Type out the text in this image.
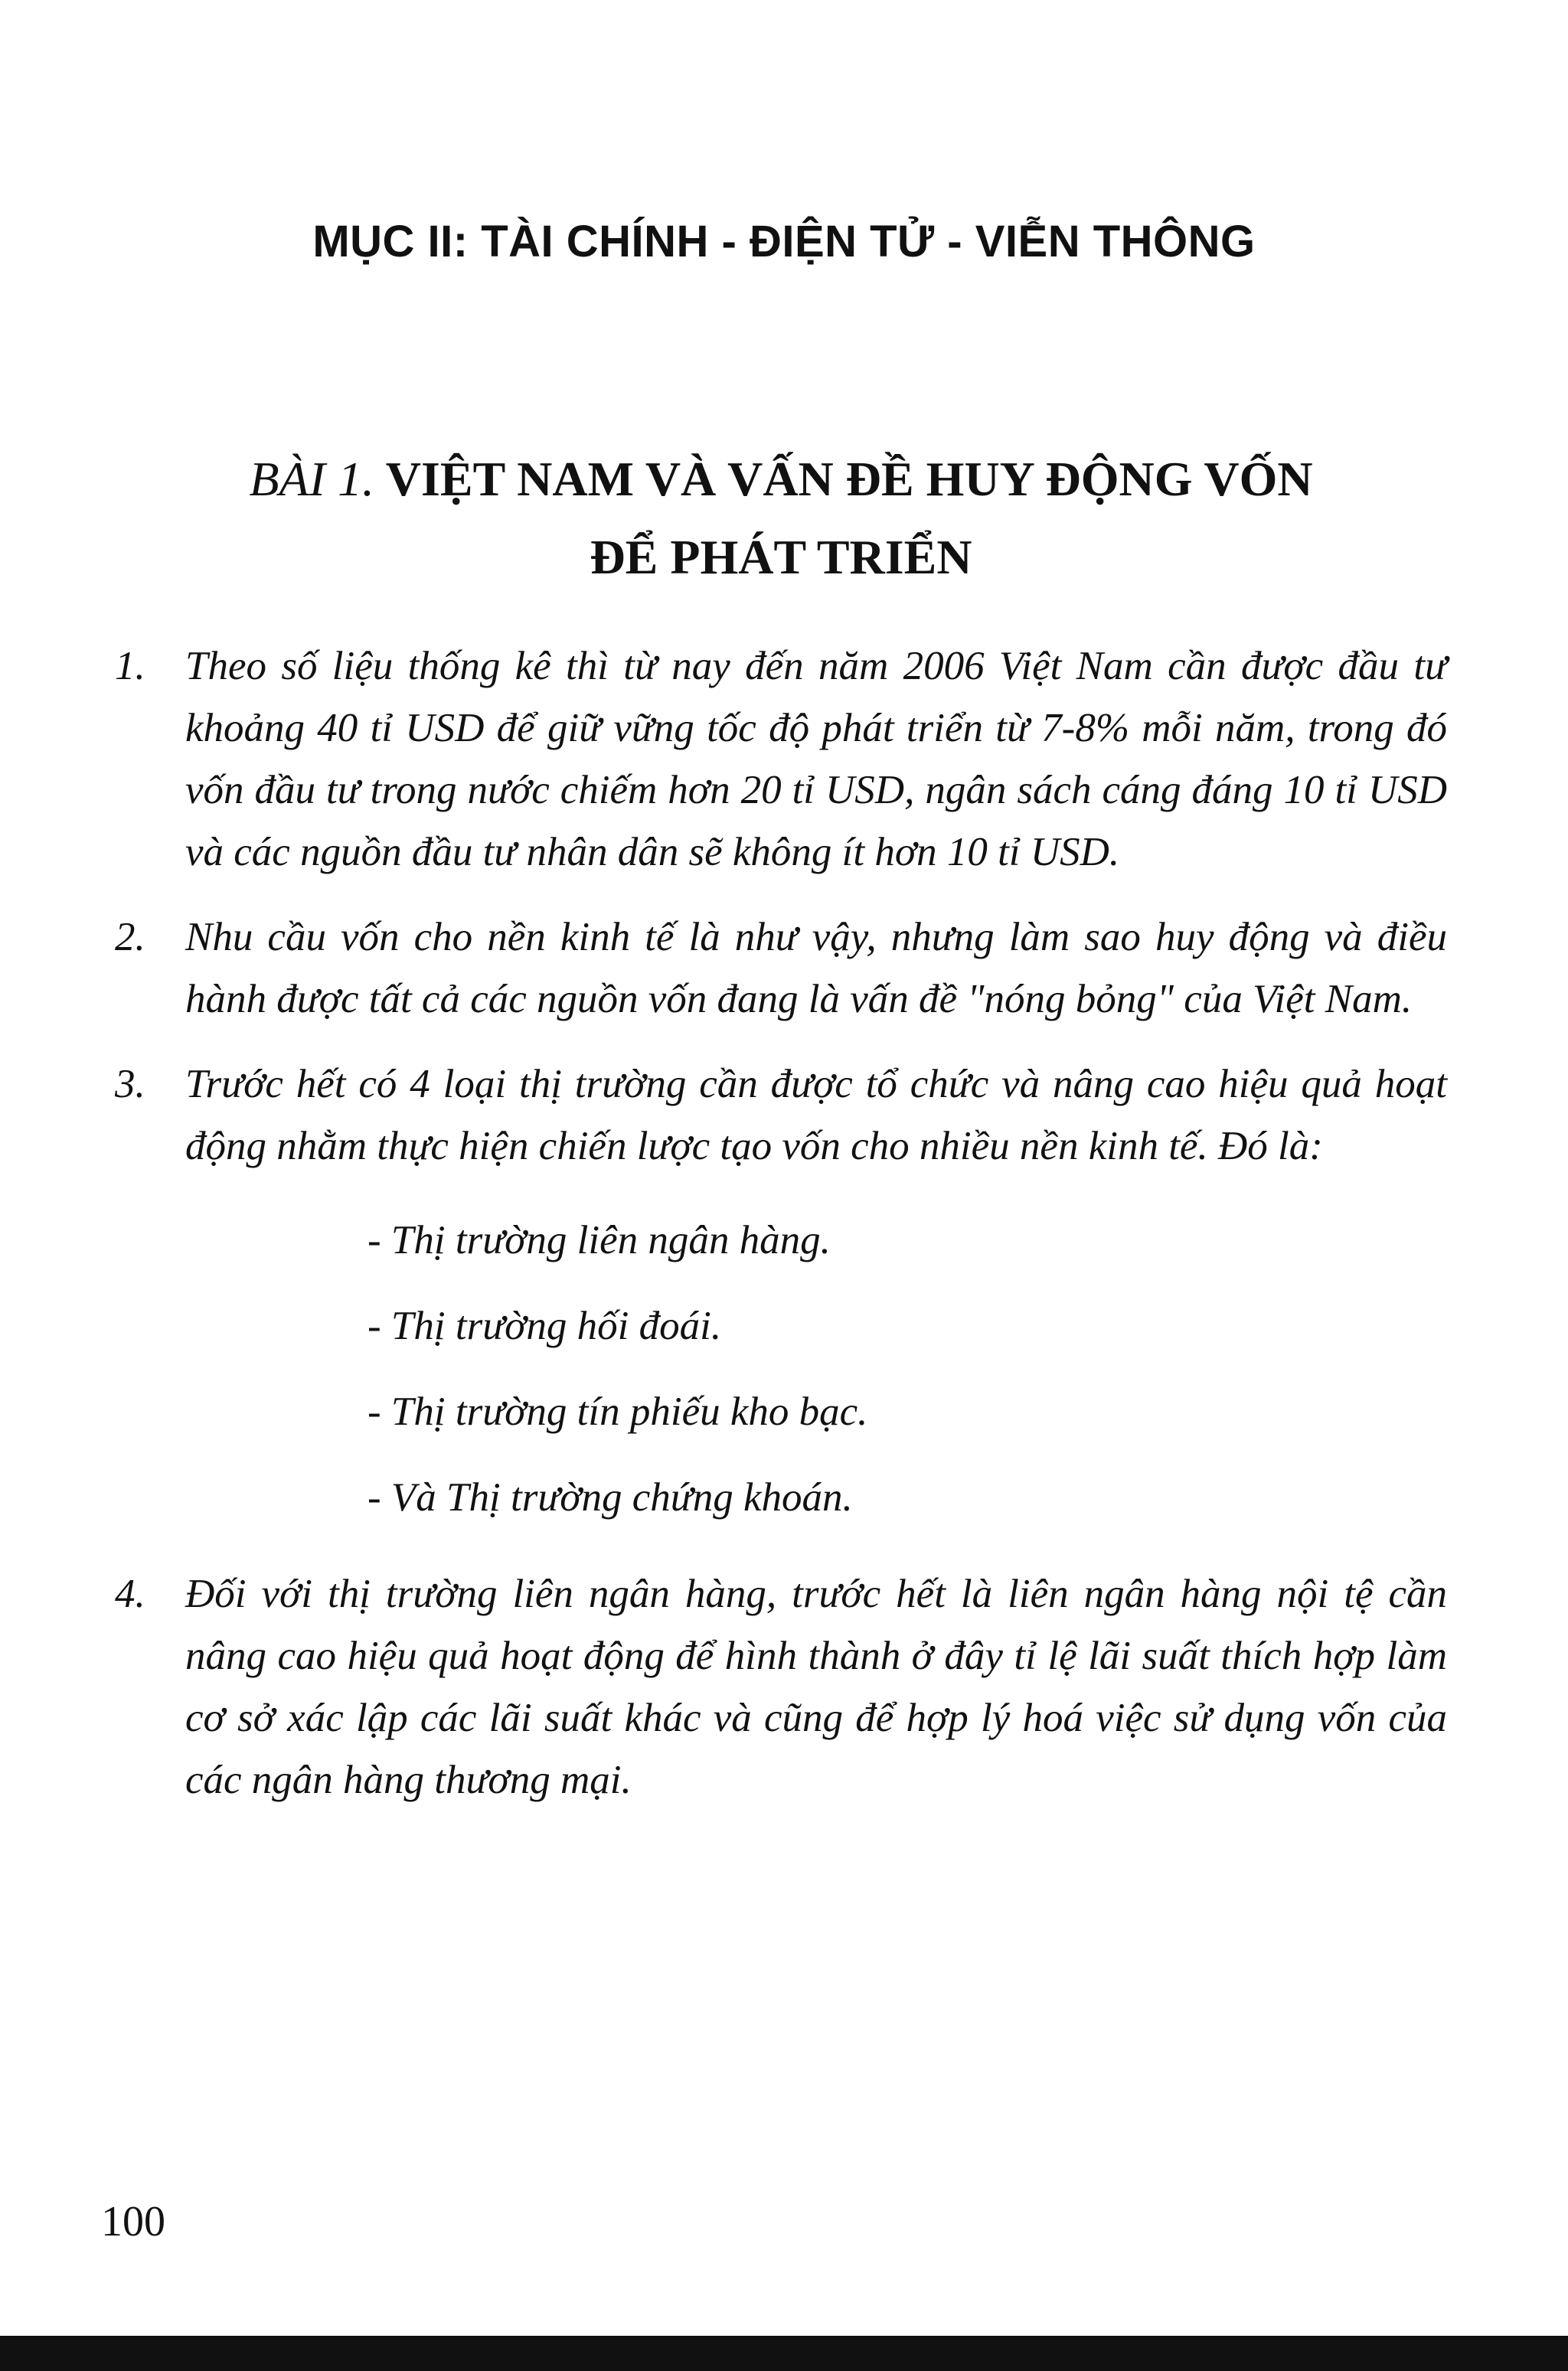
MỤC II: TÀI CHÍNH - ĐIỆN TỬ - VIỄN THÔNG
BÀI 1. VIỆT NAM VÀ VẤN ĐỀ HUY ĐỘNG VỐN
ĐỂ PHÁT TRIỂN
1. Theo số liệu thống kê thì từ nay đến năm 2006 Việt Nam cần được đầu tư khoảng 40 tỉ USD để giữ vững tốc độ phát triển từ 7-8% mỗi năm, trong đó vốn đầu tư trong nước chiếm hơn 20 tỉ USD, ngân sách cáng đáng 10 tỉ USD và các nguồn đầu tư nhân dân sẽ không ít hơn 10 tỉ USD.
2. Nhu cầu vốn cho nền kinh tế là như vậy, nhưng làm sao huy động và điều hành được tất cả các nguồn vốn đang là vấn đề "nóng bỏng" của Việt Nam.
3. Trước hết có 4 loại thị trường cần được tổ chức và nâng cao hiệu quả hoạt động nhằm thực hiện chiến lược tạo vốn cho nhiều nền kinh tế. Đó là:
- Thị trường liên ngân hàng.
- Thị trường hối đoái.
- Thị trường tín phiếu kho bạc.
- Và Thị trường chứng khoán.
4. Đối với thị trường liên ngân hàng, trước hết là liên ngân hàng nội tệ cần nâng cao hiệu quả hoạt động để hình thành ở đây tỉ lệ lãi suất thích hợp làm cơ sở xác lập các lãi suất khác và cũng để hợp lý hoá việc sử dụng vốn của các ngân hàng thương mại.
100
